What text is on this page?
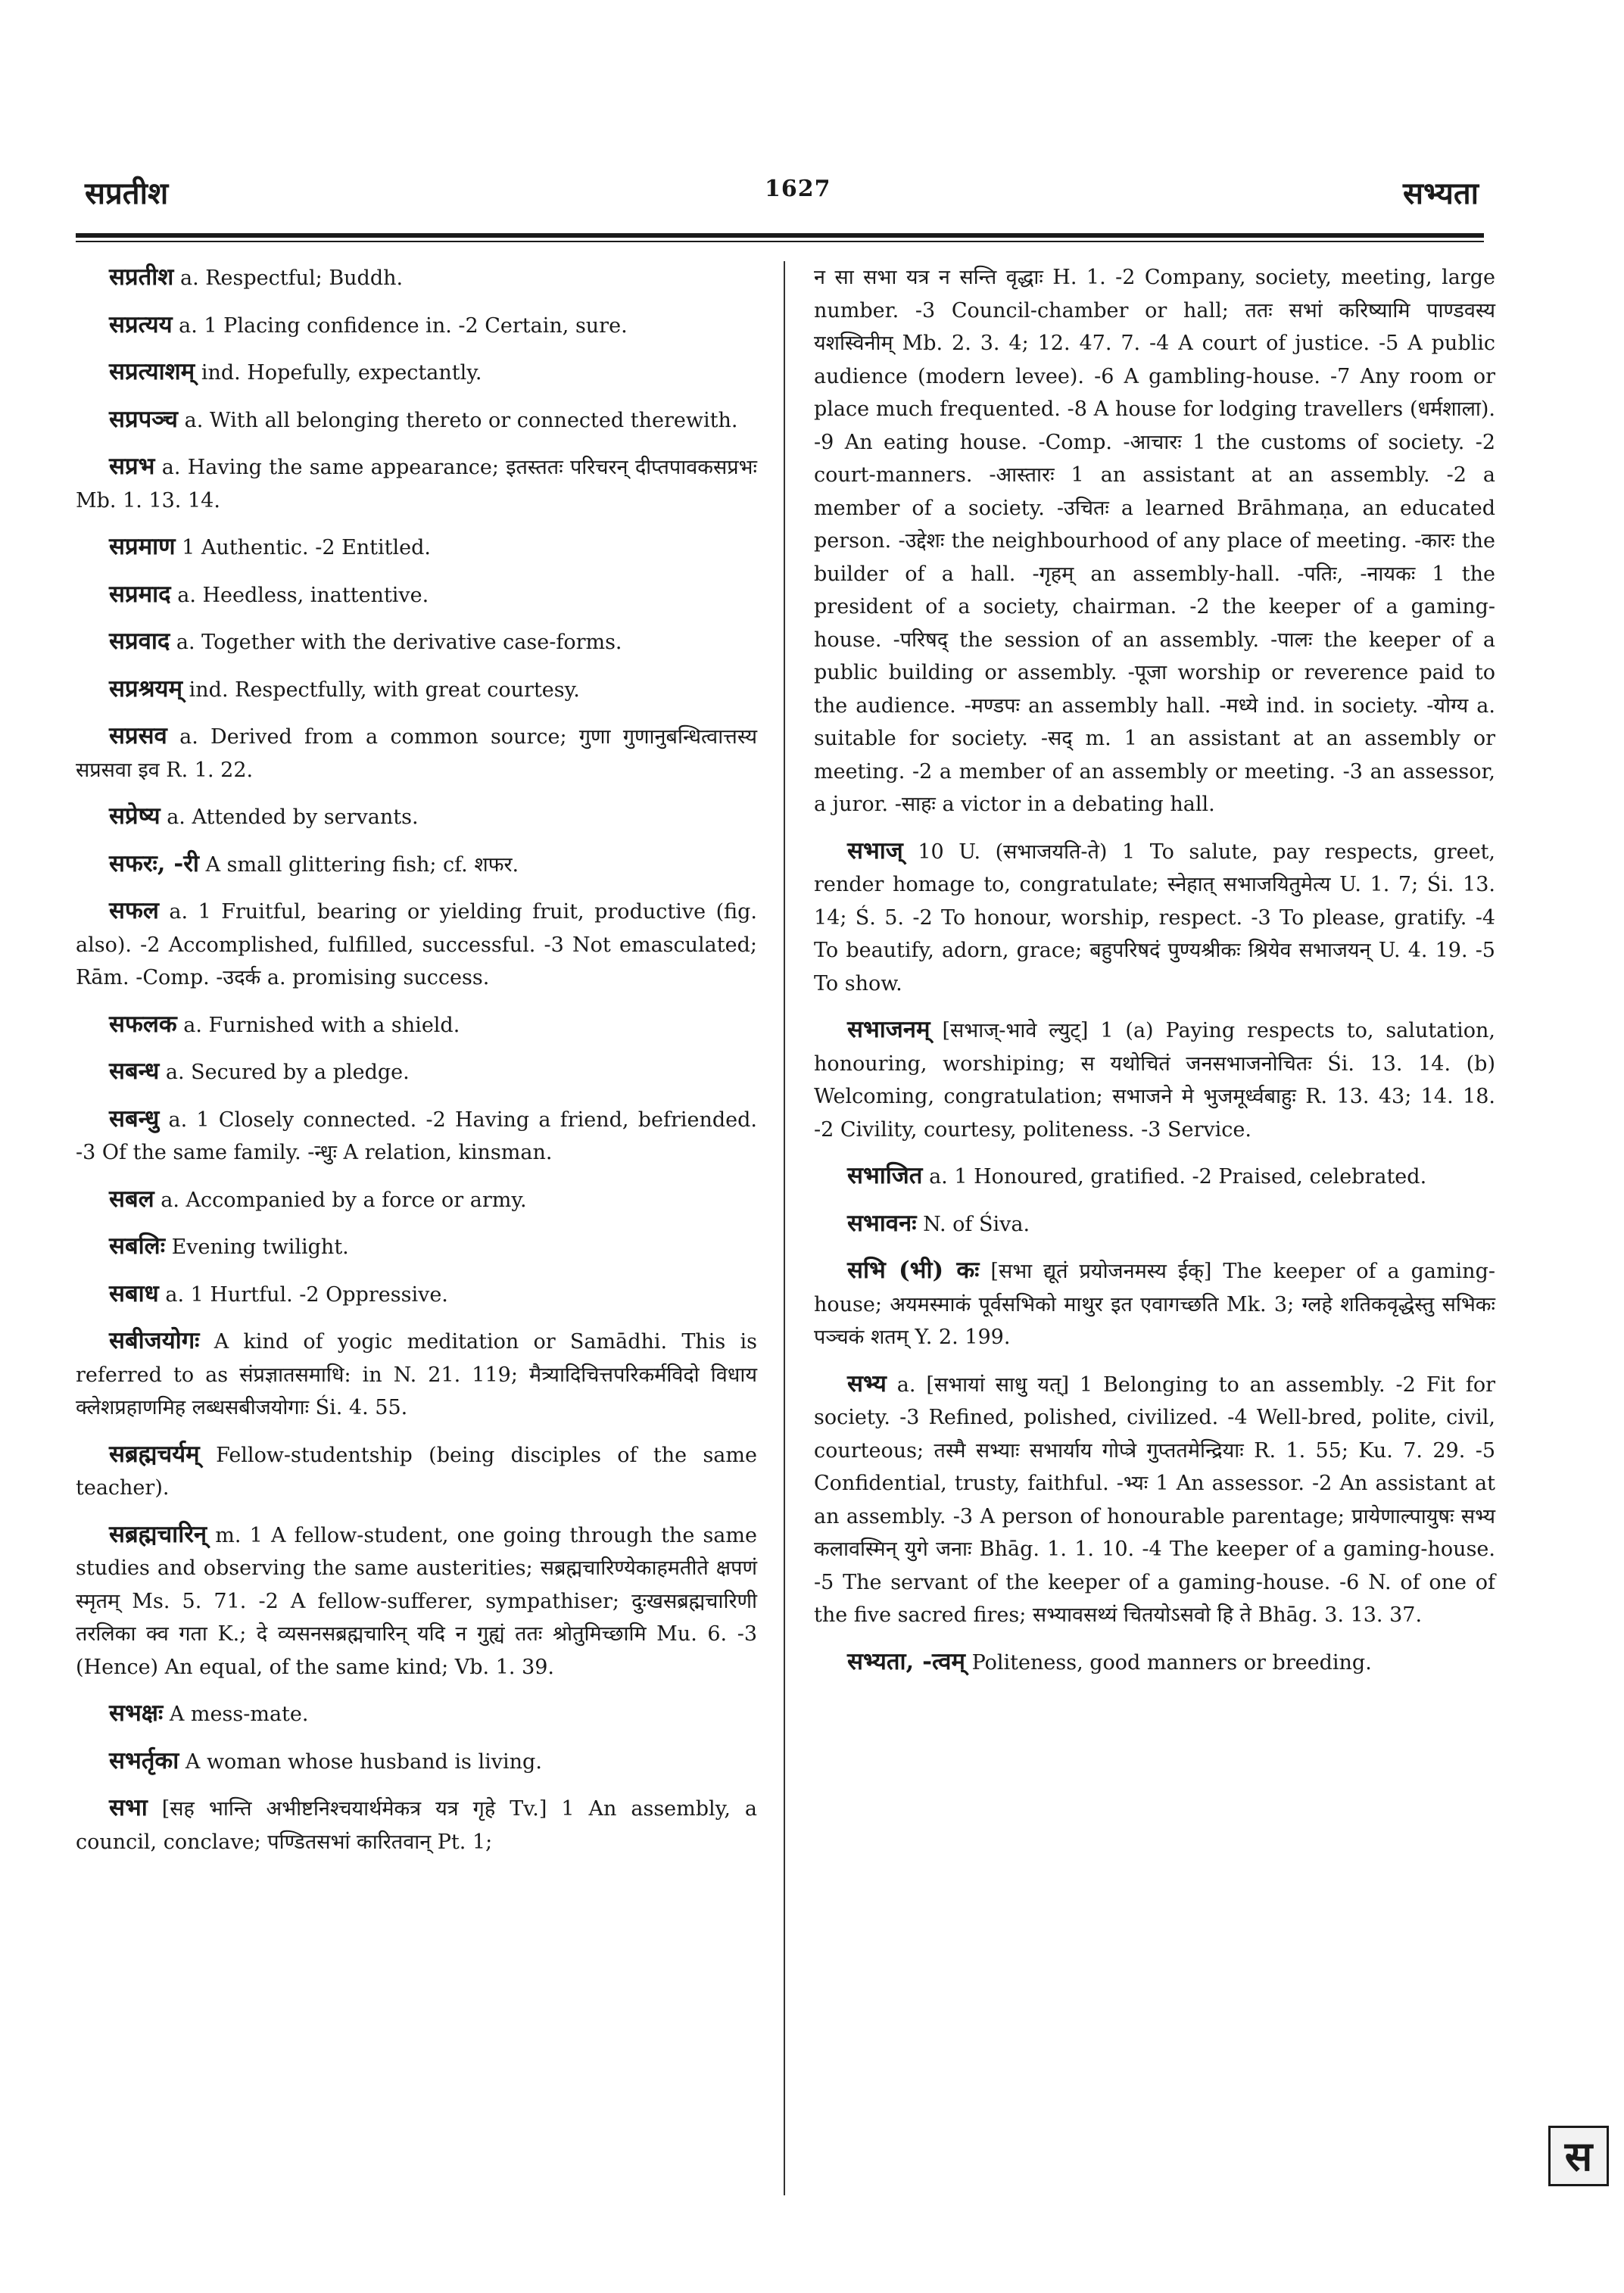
सप्रतीश	1627	सभ्यता

सप्रतीश a. Respectful; Buddh.

सप्रत्यय a. 1 Placing confidence in. -2 Certain, sure.

सप्रत्याशम् ind. Hopefully, expectantly.

सप्रपञ्च a. With all belonging thereto or connected therewith.

सप्रभ a. Having the same appearance; इतस्ततः परिचरन् दीप्तपावकसप्रभः Mb. 1. 13. 14.

सप्रमाण 1 Authentic. -2 Entitled.

सप्रमाद a. Heedless, inattentive.

सप्रवाद a. Together with the derivative case-forms.

सप्रश्रयम् ind. Respectfully, with great courtesy.

सप्रसव a. Derived from a common source; गुणा गुणानुबन्धित्वात्तस्य सप्रसवा इव R. 1. 22.

सप्रेष्य a. Attended by servants.

सफरः, -री A small glittering fish; cf. शफर.

सफल a. 1 Fruitful, bearing or yielding fruit, productive (fig. also). -2 Accomplished, fulfilled, successful. -3 Not emasculated; Rām. -Comp. -उदर्क a. promising success.

सफलक a. Furnished with a shield.

सबन्ध a. Secured by a pledge.

सबन्धु a. 1 Closely connected. -2 Having a friend, befriended. -3 Of the same family. -न्धुः A relation, kinsman.

सबल a. Accompanied by a force or army.

सबलिः Evening twilight.

सबाध a. 1 Hurtful. -2 Oppressive.

सबीजयोगः A kind of yogic meditation or Samādhi. This is referred to as संप्रज्ञातसमाधि: in N. 21. 119; मैत्र्यादिचित्तपरिकर्मविदो विधाय क्लेशप्रहाणमिह लब्धसबीजयोगाः Śi. 4. 55.

सब्रह्मचर्यम् Fellow-studentship (being disciples of the same teacher).

सब्रह्मचारिन् m. 1 A fellow-student, one going through the same studies and observing the same austerities; सब्रह्मचारिण्येकाहमतीते क्षपणं स्मृतम् Ms. 5. 71. -2 A fellow-sufferer, sympathiser; दुःखसब्रह्मचारिणी तरलिका क्व गता K.; दे व्यसनसब्रह्मचारिन् यदि न गुह्यं ततः श्रोतुमिच्छामि Mu. 6. -3 (Hence) An equal, of the same kind; Vb. 1. 39.

सभक्षः A mess-mate.

सभर्तृका A woman whose husband is living.

सभा [सह भान्ति अभीष्टनिश्चयार्थमेकत्र यत्र गृहे Tv.] 1 An assembly, a council, conclave; पण्डितसभां कारितवान् Pt. 1;

न सा सभा यत्र न सन्ति वृद्धाः H. 1. -2 Company, society, meeting, large number. -3 Council-chamber or hall; ततः सभां करिष्यामि पाण्डवस्य यशस्विनीम् Mb. 2. 3. 4; 12. 47. 7. -4 A court of justice. -5 A public audience (modern levee). -6 A gambling-house. -7 Any room or place much frequented. -8 A house for lodging travellers (धर्मशाला). -9 An eating house. -Comp. -आचारः 1 the customs of society. -2 court-manners. -आस्तारः 1 an assistant at an assembly. -2 a member of a society. -उचितः a learned Brāhmaṇa, an educated person. -उद्देशः the neighbourhood of any place of meeting. -कारः the builder of a hall. -गृहम् an assembly-hall. -पतिः, -नायकः 1 the president of a society, chairman. -2 the keeper of a gaming-house. -परिषद् the session of an assembly. -पालः the keeper of a public building or assembly. -पूजा worship or reverence paid to the audience. -मण्डपः an assembly hall. -मध्ये ind. in society. -योग्य a. suitable for society. -सद् m. 1 an assistant at an assembly or meeting. -2 a member of an assembly or meeting. -3 an assessor, a juror. -साहः a victor in a debating hall.

सभाज् 10 U. (सभाजयति-ते) 1 To salute, pay respects, greet, render homage to, congratulate; स्नेहात् सभाजयितुमेत्य U. 1. 7; Śi. 13. 14; Ś. 5. -2 To honour, worship, respect. -3 To please, gratify. -4 To beautify, adorn, grace; बहुपरिषदं पुण्यश्रीकः श्रियेव सभाजयन् U. 4. 19. -5 To show.

सभाजनम् [सभाज्-भावे ल्युट्] 1 (a) Paying respects to, salutation, honouring, worshiping; स यथोचितं जनसभाजनोचितः Śi. 13. 14. (b) Welcoming, congratulation; सभाजने मे भुजमूर्ध्वबाहुः R. 13. 43; 14. 18. -2 Civility, courtesy, politeness. -3 Service.

सभाजित a. 1 Honoured, gratified. -2 Praised, celebrated.

सभावनः N. of Śiva.

सभि (भी) कः [सभा द्यूतं प्रयोजनमस्य ईक्] The keeper of a gaming-house; अयमस्माकं पूर्वसभिको माथुर इत एवागच्छति Mk. 3; ग्लहे शतिकवृद्धेस्तु सभिकः पञ्चकं शतम् Y. 2. 199.

सभ्य a. [सभायां साधु यत्] 1 Belonging to an assembly. -2 Fit for society. -3 Refined, polished, civilized. -4 Well-bred, polite, civil, courteous; तस्मै सभ्याः सभार्याय गोप्त्रे गुप्ततमेन्द्रियाः R. 1. 55; Ku. 7. 29. -5 Confidential, trusty, faithful. -भ्यः 1 An assessor. -2 An assistant at an assembly. -3 A person of honourable parentage; प्रायेणाल्पायुषः सभ्य कलावस्मिन् युगे जनाः Bhāg. 1. 1. 10. -4 The keeper of a gaming-house. -5 The servant of the keeper of a gaming-house. -6 N. of one of the five sacred fires; सभ्यावसथ्यं चितयोऽसवो हि ते Bhāg. 3. 13. 37.

सभ्यता, -त्वम् Politeness, good manners or breeding.

स
